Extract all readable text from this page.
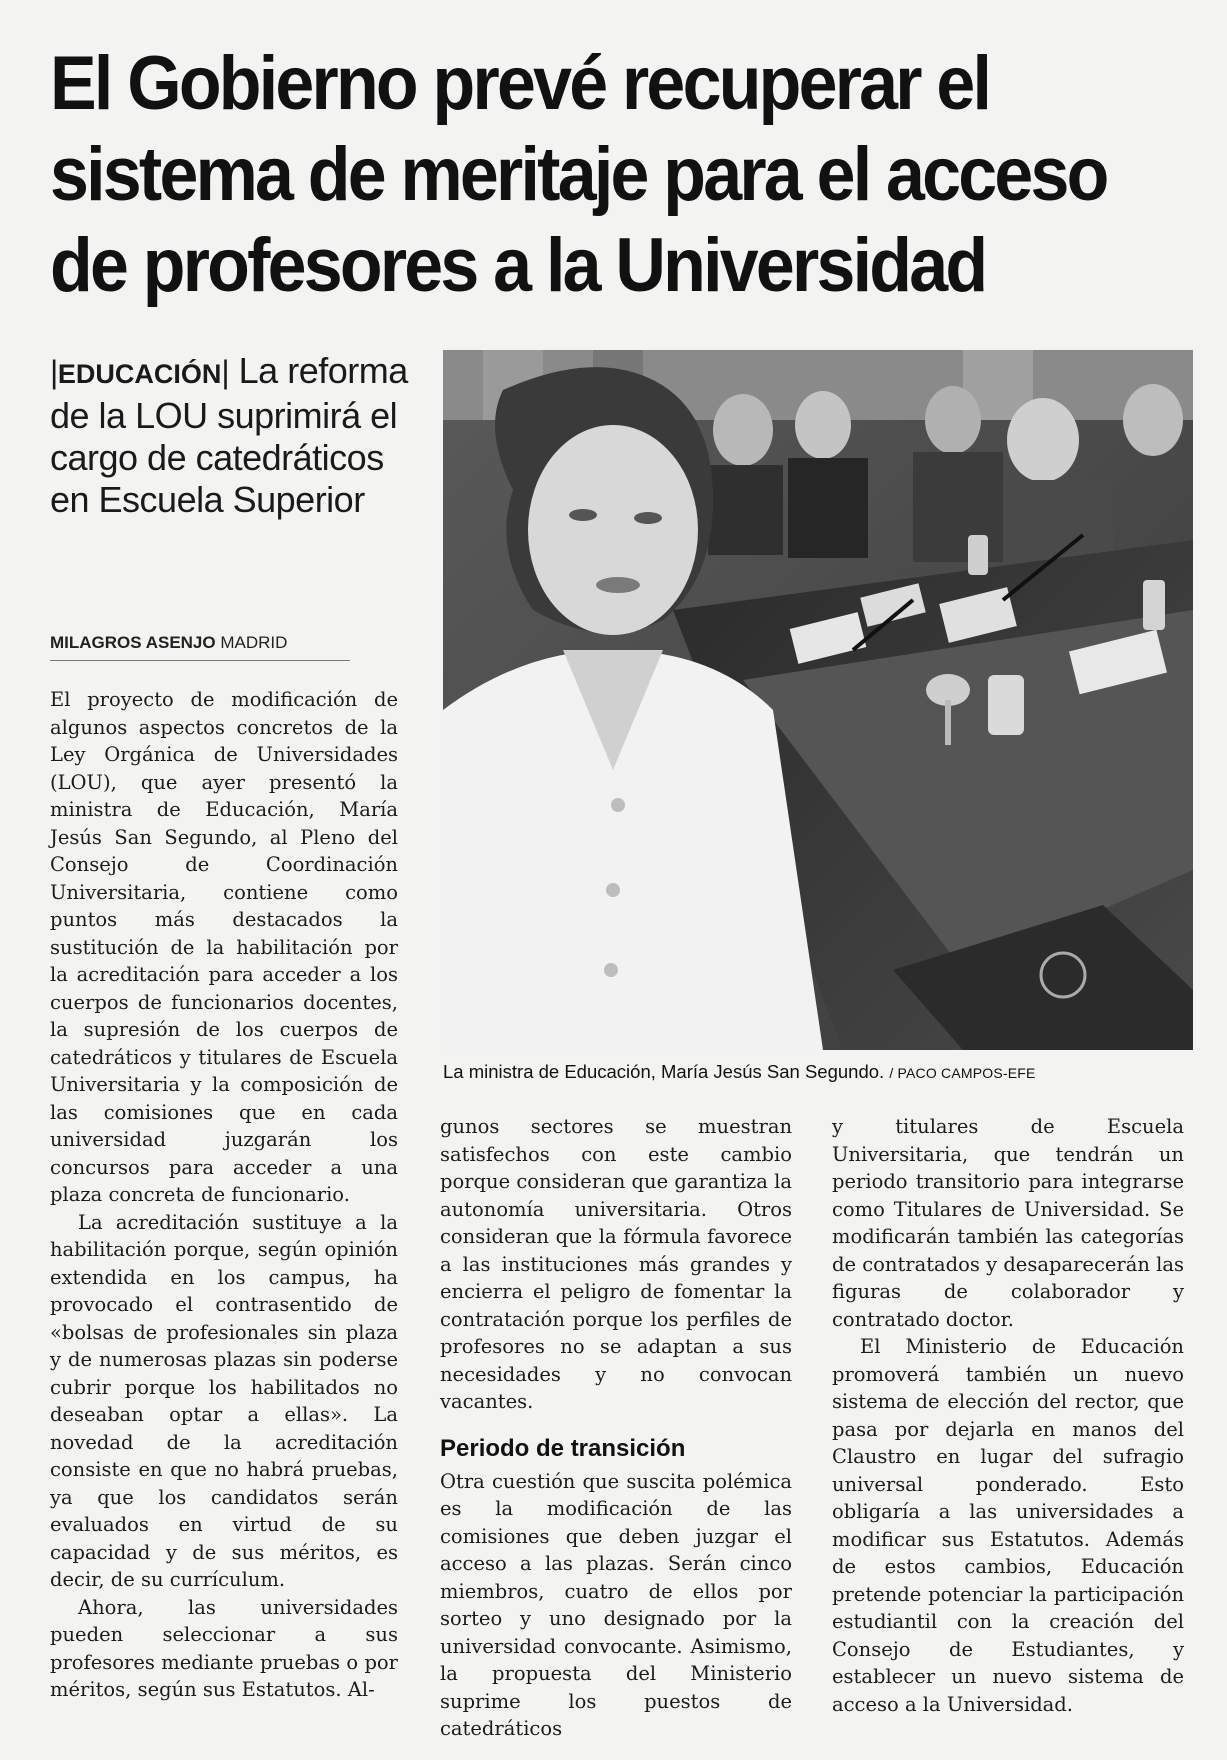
El Gobierno prevé recuperar el
sistema de meritaje para el acceso
de profesores a la Universidad
|EDUCACIÓN| La reforma de la LOU suprimirá el cargo de catedráticos en Escuela Superior
MILAGROS ASENJO MADRID

El proyecto de modificación de algunos aspectos concretos de la Ley Orgánica de Universidades (LOU), que ayer presentó la ministra de Educación, María Jesús San Segundo, al Pleno del Consejo de Coordinación Universitaria, contiene como puntos más destacados la sustitución de la habilitación por la acreditación para acceder a los cuerpos de funcionarios docentes, la supresión de los cuerpos de catedráticos y titulares de Escuela Universitaria y la composición de las comisiones que en cada universidad juzgarán los concursos para acceder a una plaza concreta de funcionario.

La acreditación sustituye a la habilitación porque, según opinión extendida en los campus, ha provocado el contrasentido de «bolsas de profesionales sin plaza y de numerosas plazas sin poderse cubrir porque los habilitados no deseaban optar a ellas». La novedad de la acreditación consiste en que no habrá pruebas, ya que los candidatos serán evaluados en virtud de su capacidad y de sus méritos, es decir, de su currículum.

Ahora, las universidades pueden seleccionar a sus profesores mediante pruebas o por méritos, según sus Estatutos. Al-

La ministra de Educación, María Jesús San Segundo. / PACO CAMPOS-EFE

gunos sectores se muestran satisfechos con este cambio porque consideran que garantiza la autonomía universitaria. Otros consideran que la fórmula favorece a las instituciones más grandes y encierra el peligro de fomentar la contratación porque los perfiles de profesores no se adaptan a sus necesidades y no convocan vacantes.

Periodo de transición

Otra cuestión que suscita polémica es la modificación de las comisiones que deben juzgar el acceso a las plazas. Serán cinco miembros, cuatro de ellos por sorteo y uno designado por la universidad convocante. Asimismo, la propuesta del Ministerio suprime los puestos de catedráticos

y titulares de Escuela Universitaria, que tendrán un periodo transitorio para integrarse como Titulares de Universidad. Se modificarán también las categorías de contratados y desaparecerán las figuras de colaborador y contratado doctor.

El Ministerio de Educación promoverá también un nuevo sistema de elección del rector, que pasa por dejarla en manos del Claustro en lugar del sufragio universal ponderado. Esto obligaría a las universidades a modificar sus Estatutos. Además de estos cambios, Educación pretende potenciar la participación estudiantil con la creación del Consejo de Estudiantes, y establecer un nuevo sistema de acceso a la Universidad.
